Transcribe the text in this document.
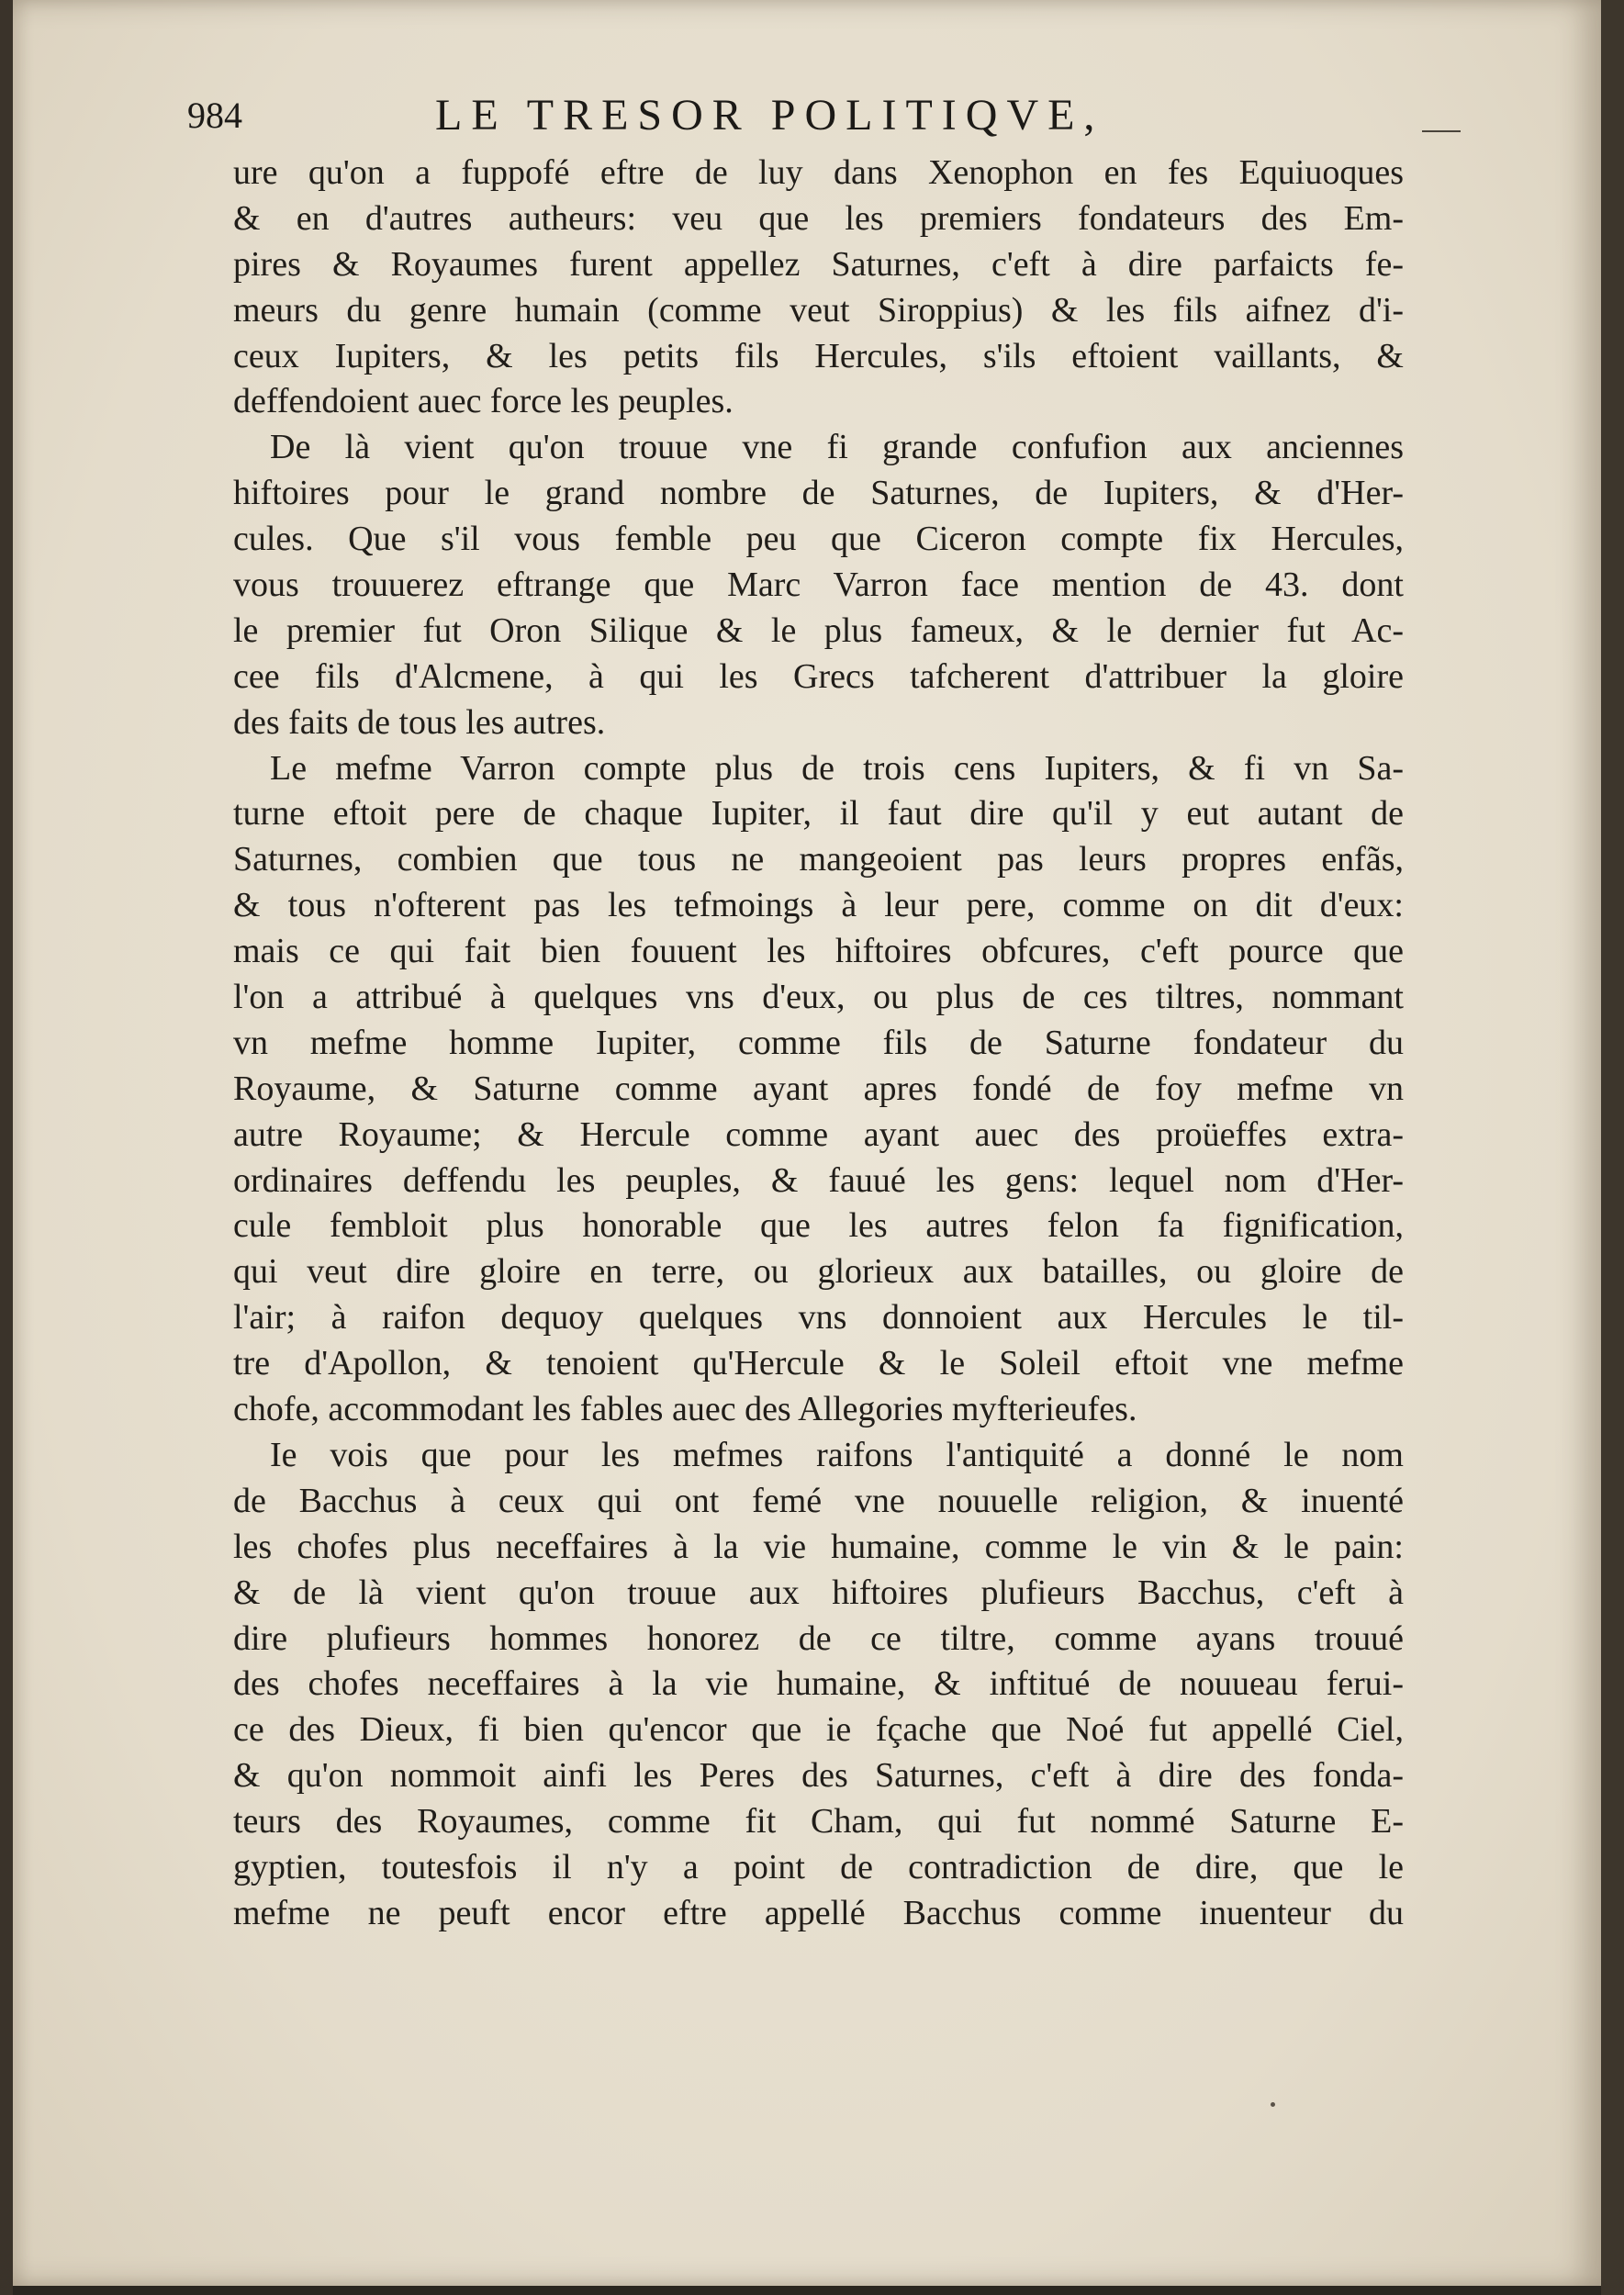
984	LE TRESOR POLITIQVE,
ure qu'on a fuppofé eftre de luy dans Xenophon en fes Equiuoques
& en d'autres autheurs: veu que les premiers fondateurs des Em-
pires & Royaumes furent appellez Saturnes, c'eft à dire parfaicts fe-
meurs du genre humain (comme veut Siroppius) & les fils aifnez d'i-
ceux Iupiters, & les petits fils Hercules, s'ils eftoient vaillants, &
deffendoient auec force les peuples.
De là vient qu'on trouue vne fi grande confufion aux anciennes
hiftoires pour le grand nombre de Saturnes, de Iupiters, & d'Her-
cules. Que s'il vous femble peu que Ciceron compte fix Hercules,
vous trouuerez eftrange que Marc Varron face mention de 43. dont
le premier fut Oron Silique & le plus fameux, & le dernier fut Ac-
cee fils d'Alcmene, à qui les Grecs tafcherent d'attribuer la gloire
des faits de tous les autres.
Le mefme Varron compte plus de trois cens Iupiters, & fi vn Sa-
turne eftoit pere de chaque Iupiter, il faut dire qu'il y eut autant de
Saturnes, combien que tous ne mangeoient pas leurs propres enfãs,
& tous n'ofterent pas les tefmoings à leur pere, comme on dit d'eux:
mais ce qui fait bien fouuent les hiftoires obfcures, c'eft pource que
l'on a attribué à quelques vns d'eux, ou plus de ces tiltres, nommant
vn mefme homme Iupiter, comme fils de Saturne fondateur du
Royaume, & Saturne comme ayant apres fondé de foy mefme vn
autre Royaume; & Hercule comme ayant auec des proüeffes extra-
ordinaires deffendu les peuples, & fauué les gens: lequel nom d'Her-
cule fembloit plus honorable que les autres felon fa fignification,
qui veut dire gloire en terre, ou glorieux aux batailles, ou gloire de
l'air; à raifon dequoy quelques vns donnoient aux Hercules le til-
tre d'Apollon, & tenoient qu'Hercule & le Soleil eftoit vne mefme
chofe, accommodant les fables auec des Allegories myfterieufes.
Ie vois que pour les mefmes raifons l'antiquité a donné le nom
de Bacchus à ceux qui ont femé vne nouuelle religion, & inuenté
les chofes plus neceffaires à la vie humaine, comme le vin & le pain:
& de là vient qu'on trouue aux hiftoires plufieurs Bacchus, c'eft à
dire plufieurs hommes honorez de ce tiltre, comme ayans trouué
des chofes neceffaires à la vie humaine, & inftitué de nouueau ferui-
ce des Dieux, fi bien qu'encor que ie fçache que Noé fut appellé Ciel,
& qu'on nommoit ainfi les Peres des Saturnes, c'eft à dire des fonda-
teurs des Royaumes, comme fit Cham, qui fut nommé Saturne E-
gyptien, toutesfois il n'y a point de contradiction de dire, que le
mefme ne peuft encor eftre appellé Bacchus comme inuenteur du
